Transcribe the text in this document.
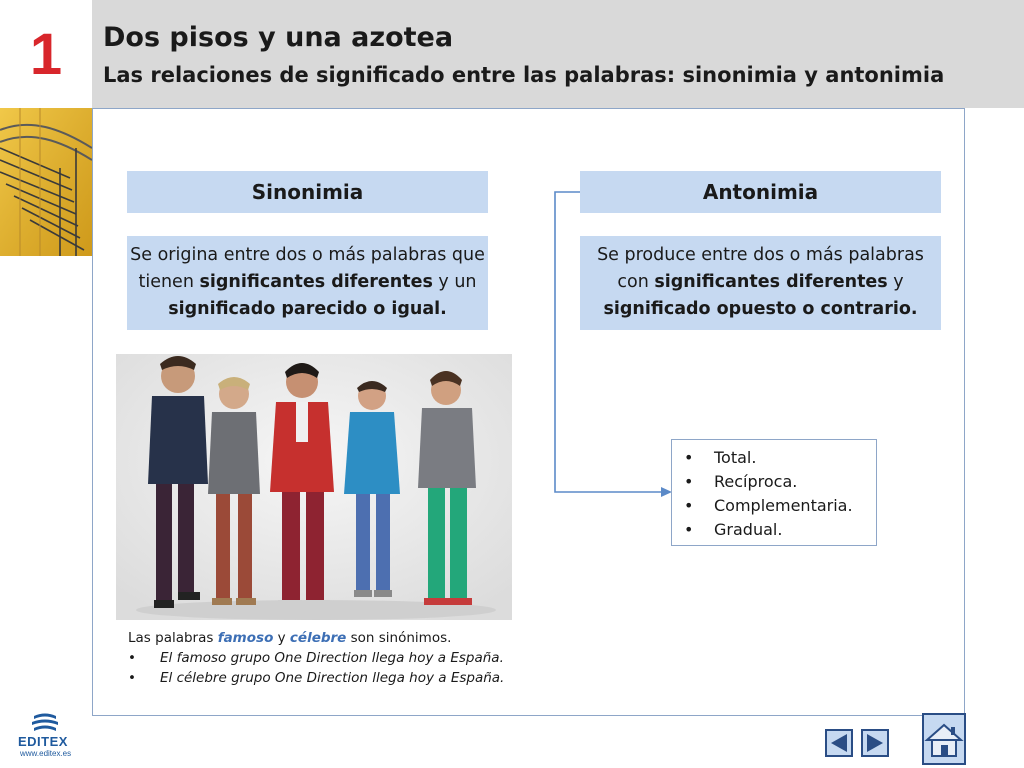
1	Dos pisos y una azotea
Las relaciones de significado entre las palabras: sinonimia y antonimia
Sinonimia
Se origina entre dos o más palabras que tienen significantes diferentes y un significado parecido o igual.
Antonimia
Se produce entre dos o más palabras con significantes diferentes y significado opuesto o contrario.
•	Total.
•	Recíproca.
•	Complementaria.
•	Gradual.
Las palabras famoso y célebre son sinónimos.
•	El famoso grupo One Direction llega hoy a España.
•	El célebre grupo One Direction llega hoy a España.
EDITEX
www.editex.es
